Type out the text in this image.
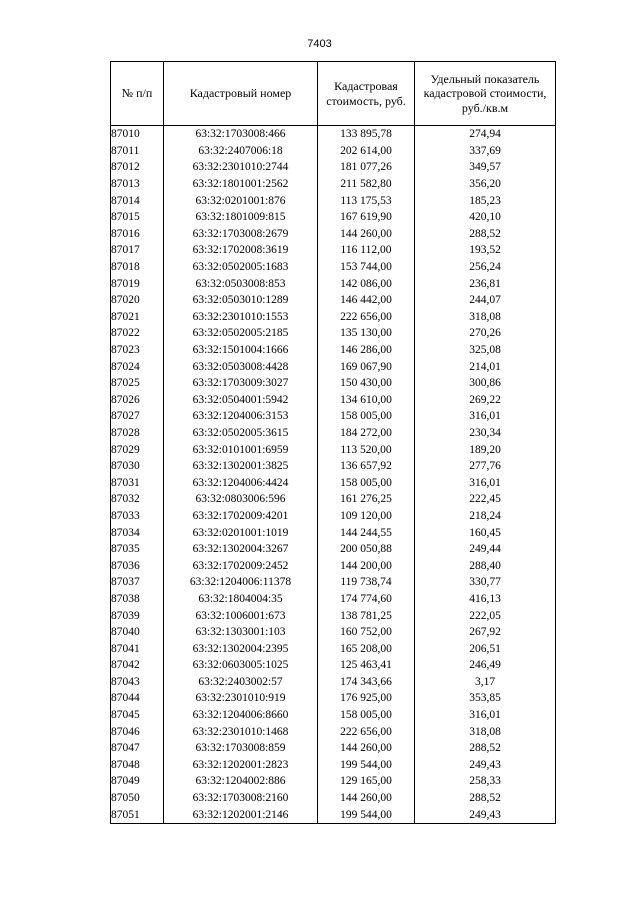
7403
№ п/п	Кадастровый номер	Кадастровая стоимость, руб.	Удельный показатель кадастровой стоимости, руб./кв.м
87010	63:32:1703008:466	133 895,78	274,94
87011	63:32:2407006:18	202 614,00	337,69
87012	63:32:2301010:2744	181 077,26	349,57
87013	63:32:1801001:2562	211 582,80	356,20
87014	63:32:0201001:876	113 175,53	185,23
87015	63:32:1801009:815	167 619,90	420,10
87016	63:32:1703008:2679	144 260,00	288,52
87017	63:32:1702008:3619	116 112,00	193,52
87018	63:32:0502005:1683	153 744,00	256,24
87019	63:32:0503008:853	142 086,00	236,81
87020	63:32:0503010:1289	146 442,00	244,07
87021	63:32:2301010:1553	222 656,00	318,08
87022	63:32:0502005:2185	135 130,00	270,26
87023	63:32:1501004:1666	146 286,00	325,08
87024	63:32:0503008:4428	169 067,90	214,01
87025	63:32:1703009:3027	150 430,00	300,86
87026	63:32:0504001:5942	134 610,00	269,22
87027	63:32:1204006:3153	158 005,00	316,01
87028	63:32:0502005:3615	184 272,00	230,34
87029	63:32:0101001:6959	113 520,00	189,20
87030	63:32:1302001:3825	136 657,92	277,76
87031	63:32:1204006:4424	158 005,00	316,01
87032	63:32:0803006:596	161 276,25	222,45
87033	63:32:1702009:4201	109 120,00	218,24
87034	63:32:0201001:1019	144 244,55	160,45
87035	63:32:1302004:3267	200 050,88	249,44
87036	63:32:1702009:2452	144 200,00	288,40
87037	63:32:1204006:11378	119 738,74	330,77
87038	63:32:1804004:35	174 774,60	416,13
87039	63:32:1006001:673	138 781,25	222,05
87040	63:32:1303001:103	160 752,00	267,92
87041	63:32:1302004:2395	165 208,00	206,51
87042	63:32:0603005:1025	125 463,41	246,49
87043	63:32:2403002:57	174 343,66	3,17
87044	63:32:2301010:919	176 925,00	353,85
87045	63:32:1204006:8660	158 005,00	316,01
87046	63:32:2301010:1468	222 656,00	318,08
87047	63:32:1703008:859	144 260,00	288,52
87048	63:32:1202001:2823	199 544,00	249,43
87049	63:32:1204002:886	129 165,00	258,33
87050	63:32:1703008:2160	144 260,00	288,52
87051	63:32:1202001:2146	199 544,00	249,43
